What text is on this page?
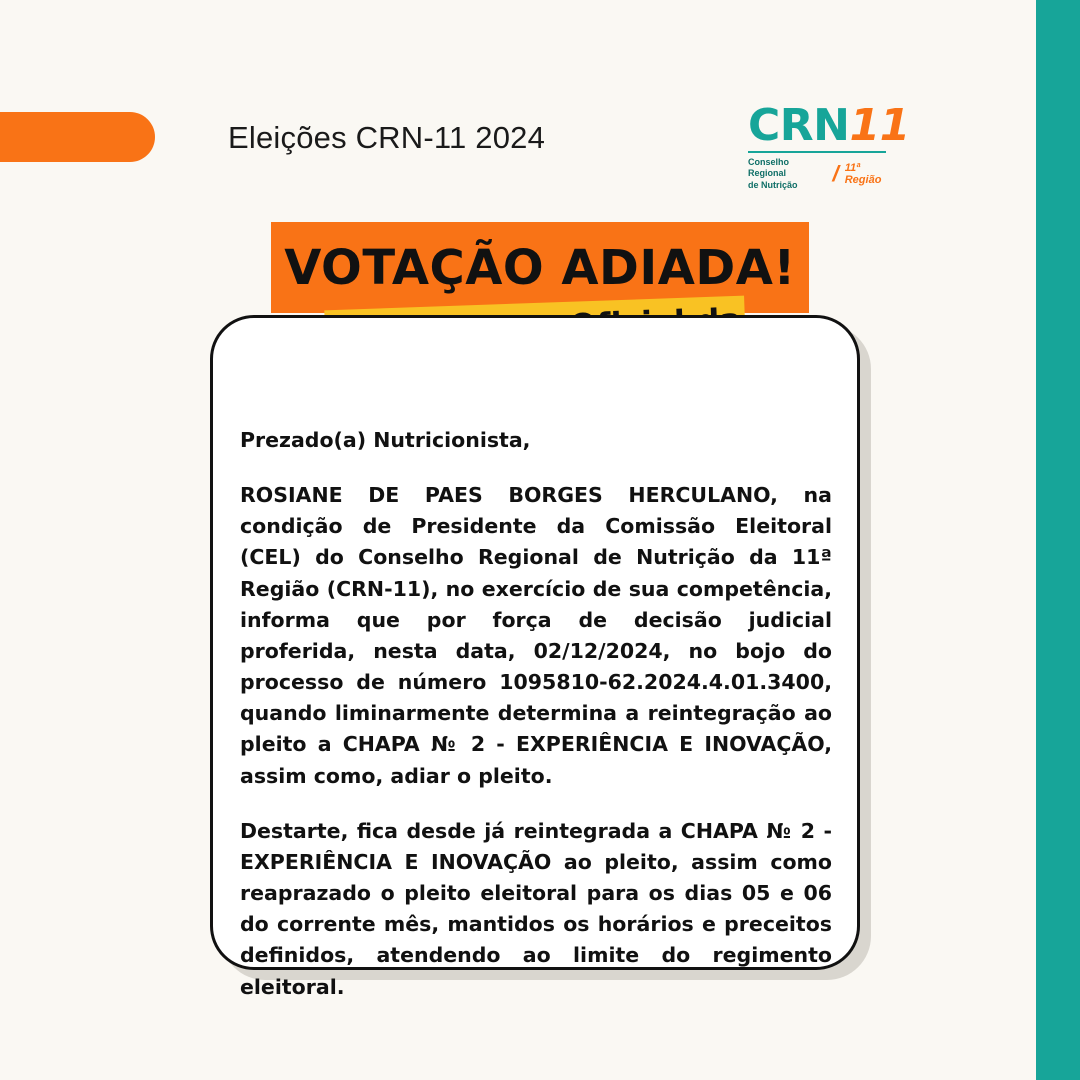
Eleições CRN-11 2024	CRN11
Conselho Regional
de Nutrição	/ 11ª Região
VOTAÇÃO ADIADA!

Prezado(a) Nutricionista,

ROSIANE DE PAES BORGES HERCULANO, na condição de Presidente da Comissão Eleitoral (CEL) do Conselho Regional de Nutrição da 11ª Região (CRN-11), no exercício de sua competência, informa que por força de decisão judicial proferida, nesta data, 02/12/2024, no bojo do processo de número 1095810-62.2024.4.01.3400, quando liminarmente determina a reintegração ao pleito a CHAPA № 2 - EXPERIÊNCIA E INOVAÇÃO, assim como, adiar o pleito.

Destarte, fica desde já reintegrada a CHAPA № 2 - EXPERIÊNCIA E INOVAÇÃO ao pleito, assim como reaprazado o pleito eleitoral para os dias 05 e 06 do corrente mês, mantidos os horários e preceitos definidos, atendendo ao limite do regimento eleitoral.
